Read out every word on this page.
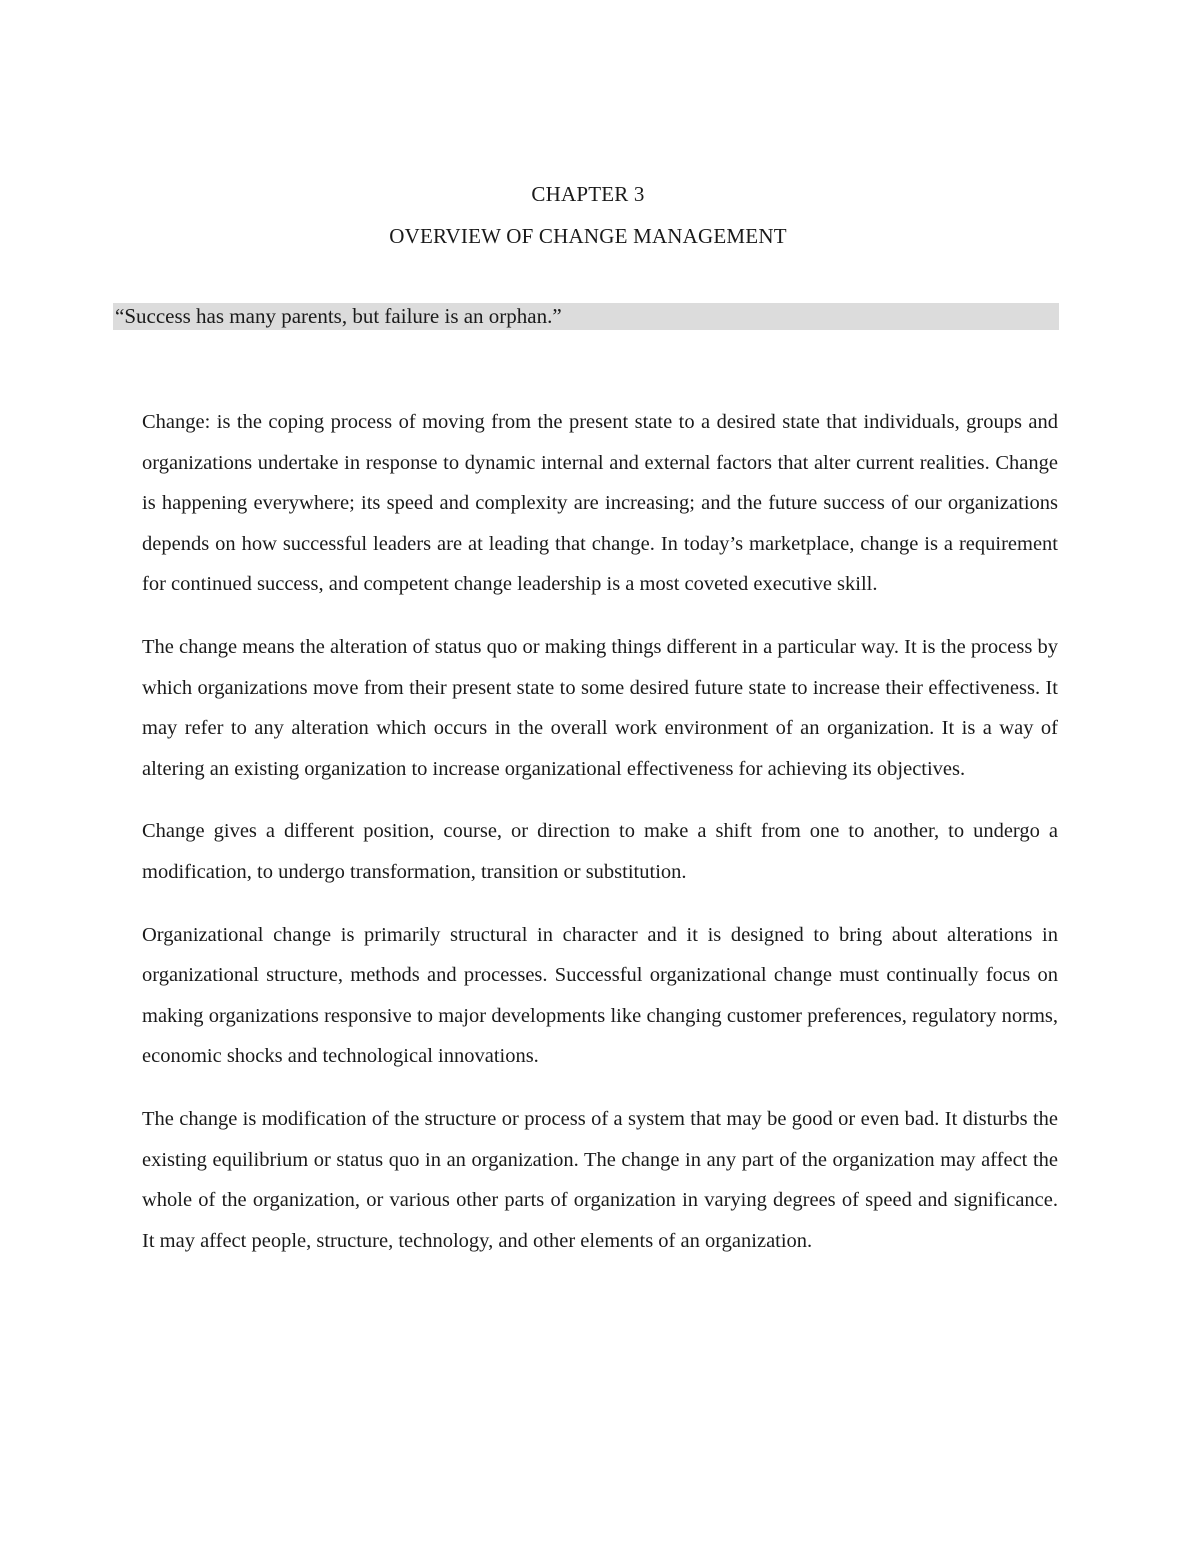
CHAPTER 3
OVERVIEW OF CHANGE MANAGEMENT
“Success has many parents, but failure is an orphan.”

Change: is the coping process of moving from the present state to a desired state that individuals, groups and organizations undertake in response to dynamic internal and external factors that alter current realities. Change is happening everywhere; its speed and complexity are increasing; and the future success of our organizations depends on how successful leaders are at leading that change. In today’s marketplace, change is a requirement for continued success, and competent change leadership is a most coveted executive skill.

The change means the alteration of status quo or making things different in a particular way. It is the process by which organizations move from their present state to some desired future state to increase their effectiveness. It may refer to any alteration which occurs in the overall work environment of an organization. It is a way of altering an existing organization to increase organizational effectiveness for achieving its objectives.

Change gives a different position, course, or direction to make a shift from one to another, to undergo a modification, to undergo transformation, transition or substitution.

Organizational change is primarily structural in character and it is designed to bring about alterations in organizational structure, methods and processes. Successful organizational change must continually focus on making organizations responsive to major developments like changing customer preferences, regulatory norms, economic shocks and technological innovations.

The change is modification of the structure or process of a system that may be good or even bad. It disturbs the existing equilibrium or status quo in an organization. The change in any part of the organization may affect the whole of the organization, or various other parts of organization in varying degrees of speed and significance. It may affect people, structure, technology, and other elements of an organization.
